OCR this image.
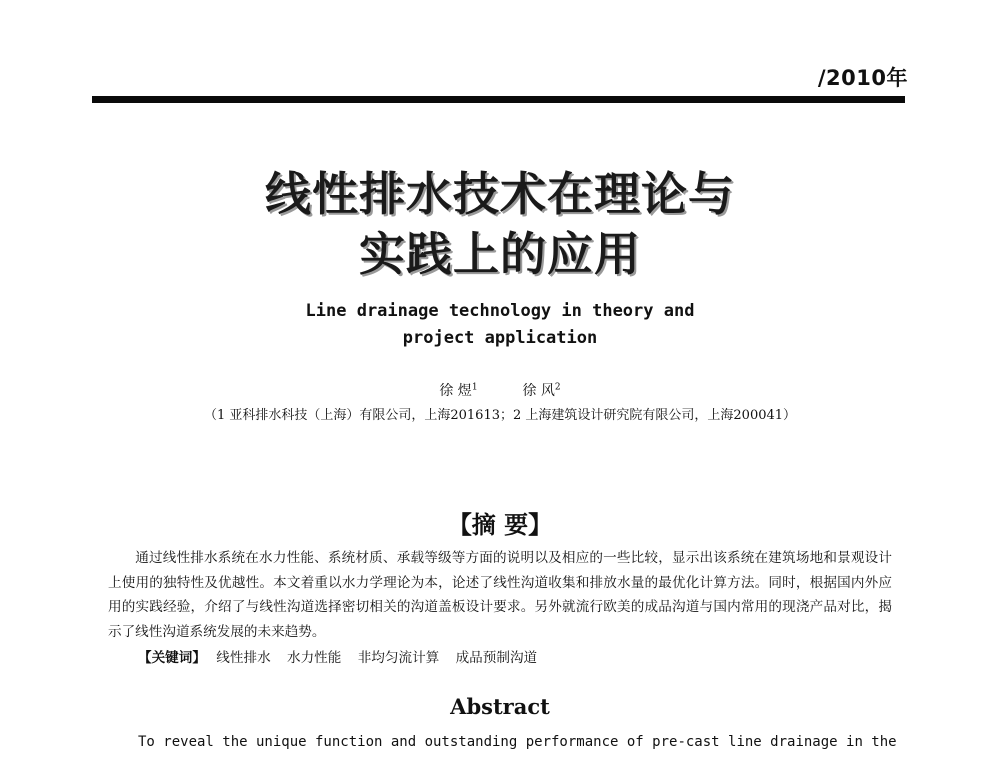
/2010年
线性排水技术在理论与
实践上的应用
Line drainage technology in theory and
project application
徐 煜$^1$	徐 风$^2$
（1 亚科排水科技（上海）有限公司，上海201613；2 上海建筑设计研究院有限公司，上海200041）
【摘 要】

通过线性排水系统在水力性能、系统材质、承载等级等方面的说明以及相应的一些比较，显示出该系统在建筑场地和景观设计上使用的独特性及优越性。本文着重以水力学理论为本，论述了线性沟道收集和排放水量的最优化计算方法。同时，根据国内外应用的实践经验，介绍了与线性沟道选择密切相关的沟道盖板设计要求。另外就流行欧美的成品沟道与国内常用的现浇产品对比，揭示了线性沟道系统发展的未来趋势。

【关键词】 线性排水 水力性能 非均匀流计算 成品预制沟道
Abstract
To reveal the unique function and outstanding performance of pre-cast line drainage in the
